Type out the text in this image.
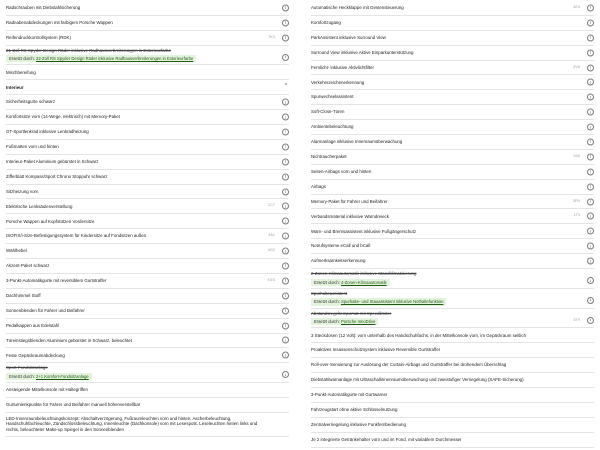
Radschrauben mit Diebstahlsicherung	i
Radnabenabdeckungen mit farbigem Porsche Wappen	i
Reifendruckkontrollsystem (RDK)	7K3	i
21-Zoll RS Spyder Design Räder inklusive Radhausverbreiterungen in Exterieurfarbe
Ersetzt durch: 22-Zoll RS Spyder Design Räder inklusive Radhausverbreiterungen in Exterieurfarbe	i
Mischbereifung
Interieur	⌃
Sicherheitsgurte schwarz	i
Komfortsitze vorn (14-Wege, elektrisch) mit Memory-Paket	i
GT-Sportlenkrad inklusive Lenkradheizung	i
Fußmatten vorn und hinten	i
Interieur-Paket Aluminium gebürstet in Schwarz	i
Zifferblatt Kompass/Sport Chrono Stoppuhr schwarz	i
Sitzheizung vorn	i
Elektrische Lenksäulenverstellung	2C7	i
Porsche Wappen auf Kopfstützen Vordersitze	i
ISOFIX/i-Size-Befestigungssystem für Kindersitze auf Fondsitzen außen	3A1	i
Wählhebel	4G2	i
Akzent-Paket schwarz	i
3-Punkt-Automatikgurte mit reversiblem Gurtstraffer	4GS	i
Dachhimmel Stoff	i
Sonnenblenden für Fahrer und Beifahrer	i
Pedalkappen aus Edelstahl	i
Türeinstiegsblenden Aluminium gebürstet in Schwarz, beleuchtet	i
Feste Gepäckraumabdeckung	i
Sport-Fondsitzanlage
Ersetzt durch: 2+1 Komfort-Fondsitzanlage	i
Ansteigende Mittelkonsole mit Haltegriffen
Gurtumlenkpunkte für Fahrer und Beifahrer manuell höhenverstellbar
LED-Innenraumbeleuchtungskonzept: Abschaltverzögerung, Fußraumleuchten vorn und hinten, Ascherbeleuchtung, Handschuhfachleuchte, Zündschlossbeleuchtung, Innenleuchte (Dachkonsole) vorn mit Lesespots. Leseleuchten hinten links und rechts, beleuchteter Make-up Spiegel in den Sonnenblenden
Automatische Heckklappe mit Gestensteuerung	4E4	i
Komfortzugang	i
ParkAssistent inklusive Surround View	i
Surround View inklusive Aktive Einparkunterstützung	i
Fernlicht- inklusive Aktivlichtfilter	2V8	i
Verkehrszeichenerkennung	i
Spurwechselassistent	i
Soft-Close-Türen	i
Ambientebeleuchtung	i
Alarmanlage inklusive Innenraumüberwachung	i
Nichtraucherpaket	9JA	i
Seiten-Airbags vorn und hinten	i
Airbags	i
Memory-Paket für Fahrer und Beifahrer	3FN	i
Verbandsmaterial inklusive Warndreieck	1T3	i
Warn- und Bremsassistent inklusive Fußgängerschutz	i
Notrufsysteme eCall und bCall	i
Aufmerksamkeitserkennung	i
2-Zonen-Klimaautomatik inklusive Standklimatisierung
Ersetzt durch: 4-Zonen-Klimaautomatik	i
Spurhalteassistent
Ersetzt durch: Spurhalte- und Stauassistent inklusive Nothaltefunktion	i
Abstandsregeltempomat mit Speedlimiter
Ersetzt durch: Porsche InnoDrive	8T9	i
3 Steckdosen (12 Volt): vorn unterhalb des Handschuhfachs, in der Mittelkonsole vorn, im Gepäckraum seitlich
Proaktives Insassenschutzsystem inklusive Reversible Gurtstraffer
Roll-over-Sensierung zur Auslösung der Curtain-Airbags und Gurtstraffer bei drohendem Überschlag
Diebstahlwarnanlage mit Ultraschallinnenraumüberwachung und zweistufiger Verriegelung (SAFE-Sicherung)
3-Punkt-Automatikgurte mit Gurtwarner
Fahrzeugstart ohne aktive Schlüsselnutzung
Zentralverriegelung inklusive Funkfernbedienung
Je 2 integrierte Getränkehalter vorn und im Fond, mit variablem Durchmesser
